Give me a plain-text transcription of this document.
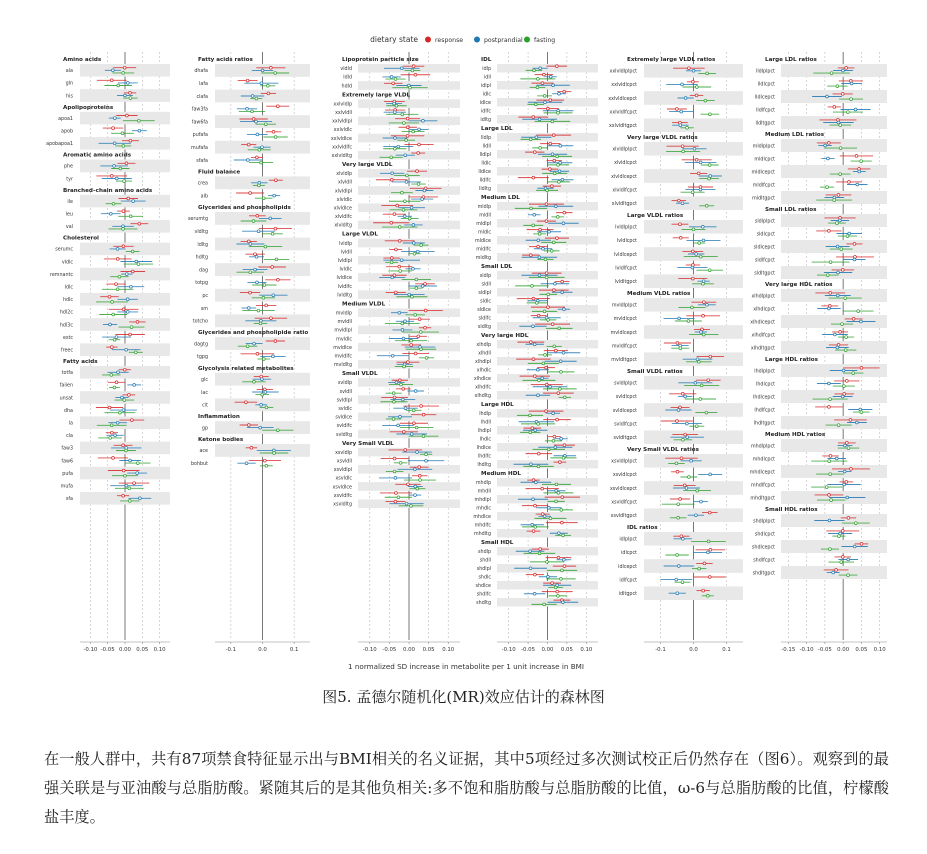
dietary state	response	postprandial fasting
Amino acids
ala
gln
his
Apolipoproteins
apoa1
apob
apobapoa1
Aromatic amino acids
phe
tyr
Branched–chain amino acids
ile
leu
val
Cholesterol
serumc
vldlc
remnantc
ldlc
hdlc
hdl2c
hdl3c
estc
freec
Fatty acids
totfa
faiien
unsat
dha
la
cla
faw3
faw6
pufa
mufa
sfa
-0.10 -0.05 0.00 0.05 0.10
Fatty acids ratios
dhafa
lafa
clafa
faw3fa
faw6fa
pufafa
mufafa
sfafa
Fluid balance
crea
alb
Glycerides and phospholipids
serumtg
vldltg
ldltg
hdltg
dag
totpg
pc
sm
totcho
Glycerides and phospholipide ratio
dagtg
tgpg
Glycolysis related metabolites
glc
lac
cit
Inflammation
gp
Ketone bodies
ace
bohbut
-0.1	0.0	0.1
Lipoprotein particle size
vldld
ldld
hdld
Extremely large VLDL
xxlvldlp
xxlvldll
xxlvldlpl
xxlvldlc
xxlvldlce
xxlvldlfc
xxlvldltg
Very large VLDL
xlvldlp
xlvldll
xlvldlpl
xlvldlc
xlvldlce
xlvldlfc
xlvldltg
Large VLDL
lvldlp
lvldll
lvldlpl
lvldlc
lvldlce
lvldlfc
lvldltg
Medium VLDL
mvldlp
mvldll
mvldlpl
mvldlc
mvldlce
mvldlfc
mvldltg
Small VLDL
svldlp
svldll
svldlpl
svldlc
svldlce
svldlfc
svldltg
Very Small VLDL
xsvldlp
xsvldll
xsvldlpl
xsvldlc
xsvldlce
xsvldlfc
xsvldltg
-0.10 -0.05 0.00 0.05 0.10
IDL
idlp
idll
idlpl
idlc
idlce
idlfc
idltg
Large LDL
lldlp
lldll
lldlpl
lldlc
lldlce
lldlfc
lldltg
Medium LDL
mldlp
mldll
mldlpl
mldlc
mldlce
mldlfc
mldltg
Small LDL
sldlp
sldll
sldlpl
sldlc
sldlce
sldlfc
sldltg
Very large HDL
xlhdlp
xlhdll
xlhdlpl
xlhdlc
xlhdlce
xlhdlfc
xlhdltg
Large HDL
lhdlp
lhdll
lhdlpl
lhdlc
lhdlce
lhdlfc
lhdltg
Medium HDL
mhdlp
mhdll
mhdlpl
mhdlc
mhdlce
mhdlfc
mhdltg
Small HDL
shdlp
shdll
shdlpl
shdlc
shdlce
shdlfc
shdltg
-0.10 -0.05 0.00 0.05 0.10
Extremely large VLDL ratios
xxlvldlplpct
xxlvldlcpct
xxlvldlcepct
xxlvldlfcpct
xxlvldltgpct
Very large VLDL ratios
xlvldlplpct
xlvldlcpct
xlvldlcepct
xlvldlfcpct
xlvldltgpct
Large VLDL ratios
lvldlplpct
lvldlcpct
lvldlcepct
lvldlfcpct
lvldltgpct
Medium VLDL ratios
mvldlplpct
mvldlcpct
mvldlcepct
mvldlfcpct
mvldltgpct
Small VLDL ratios
svldlplpct
svldlcpct
svldlcepct
svldlfcpct
svldltgpct
Very Small VLDL ratios
xsvldlplpct
xsvldlcpct
xsvldlcepct
xsvldlfcpct
xsvldltgpct
IDL ratios
idlplpct
idlcpct
idlcepct
idlfcpct
idltgpct
-0.1	0.0	0.1
Large LDL ratios
lldlplpct
lldlcpct
lldlcepct
lldlfcpct
lldltgpct
Medium LDL ratios
mldlplpct
mldlcpct
mldlcepct
mldlfcpct
mldltgpct
Small LDL ratios
sldlplpct
sldlcpct
sldlcepct
sldlfcpct
sldltgpct
Very large HDL ratios
xlhdlplpct
xlhdlcpct
xlhdlcepct
xlhdlfcpct
xlhdltgpct
Large HDL ratios
lhdlplpct
lhdlcpct
lhdlcepct
lhdlfcpct
lhdltgpct
Medium HDL ratios
mhdlplpct
mhdlcpct
mhdlcepct
mhdlfcpct
mhdltgpct
Small HDL ratios
shdlplpct
shdlcpct
shdlcepct
shdlfcpct
shdltgpct
-0.15 -0.10 -0.05 0.00 0.05 0.10
1 normalized SD increase in metabolite per 1 unit increase in BMI
图5. 孟德尔随机化(MR)效应估计的森林图
在一般人群中，共有87项禁食特征显示出与BMI相关的名义证据，其中5项经过多次测试校正后仍然存在（图6）。观察到的最强关联是与亚油酸与总脂肪酸。紧随其后的是其他负相关:多不饱和脂肪酸与总脂肪酸的比值，ω-6与总脂肪酸的比值，柠檬酸盐丰度。
